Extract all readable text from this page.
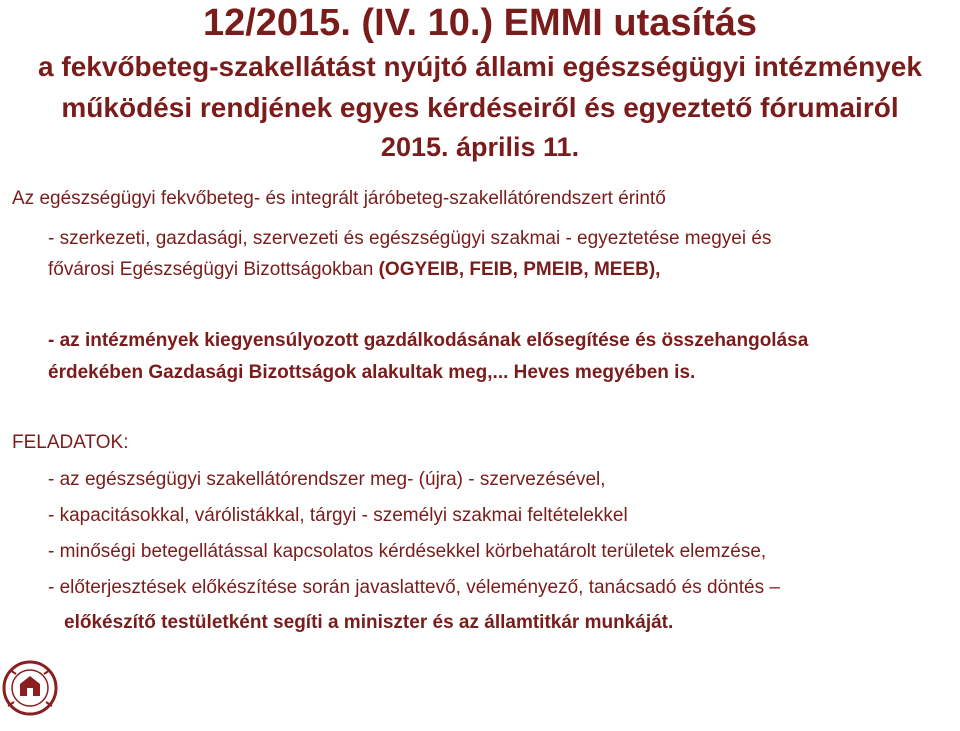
12/2015. (IV. 10.) EMMI utasítás
a fekvőbeteg-szakellátást nyújtó állami egészségügyi intézmények
működési rendjének egyes kérdéseiről és egyeztető fórumairól
2015. április 11.
Az egészségügyi fekvőbeteg- és integrált járóbeteg-szakellátórendszert érintő
- szerkezeti, gazdasági, szervezeti és egészségügyi szakmai - egyeztetése megyei és
fővárosi Egészségügyi Bizottságokban (OGYEIB, FEIB, PMEIB, MEEB),
- az intézmények kiegyensúlyozott gazdálkodásának elősegítése és összehangolása
érdekében Gazdasági Bizottságok alakultak meg,... Heves megyében is.
FELADATOK:
- az egészségügyi szakellátórendszer meg- (újra) - szervezésével,
- kapacitásokkal, várólistákkal, tárgyi - személyi szakmai feltételekkel
- minőségi betegellátással kapcsolatos kérdésekkel körbehatárolt területek elemzése,
- előterjesztések előkészítése során javaslattevő, véleményező, tanácsadó és döntés –
előkészítő testületként segíti a miniszter és az államtitkár munkáját.
